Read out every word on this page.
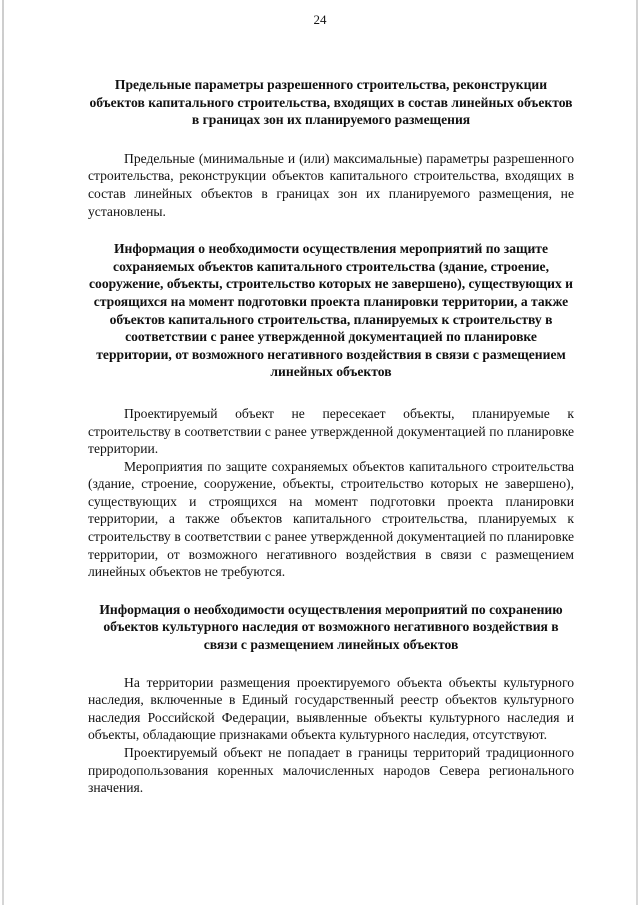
24

Предельные параметры разрешенного строительства, реконструкции объектов капитального строительства, входящих в состав линейных объектов в границах зон их планируемого размещения

Предельные (минимальные и (или) максимальные) параметры разрешенного строительства, реконструкции объектов капитального строительства, входящих в состав линейных объектов в границах зон их планируемого размещения, не установлены.

Информация о необходимости осуществления мероприятий по защите сохраняемых объектов капитального строительства (здание, строение, сооружение, объекты, строительство которых не завершено), существующих и строящихся на момент подготовки проекта планировки территории, а также объектов капитального строительства, планируемых к строительству в соответствии с ранее утвержденной документацией по планировке территории, от возможного негативного воздействия в связи с размещением линейных объектов

Проектируемый объект не пересекает объекты, планируемые к строительству в соответствии с ранее утвержденной документацией по планировке территории.

Мероприятия по защите сохраняемых объектов капитального строительства (здание, строение, сооружение, объекты, строительство которых не завершено), существующих и строящихся на момент подготовки проекта планировки территории, а также объектов капитального строительства, планируемых к строительству в соответствии с ранее утвержденной документацией по планировке территории, от возможного негативного воздействия в связи с размещением линейных объектов не требуются.

Информация о необходимости осуществления мероприятий по сохранению объектов культурного наследия от возможного негативного воздействия в связи с размещением линейных объектов

На территории размещения проектируемого объекта объекты культурного наследия, включенные в Единый государственный реестр объектов культурного наследия Российской Федерации, выявленные объекты культурного наследия и объекты, обладающие признаками объекта культурного наследия, отсутствуют.

Проектируемый объект не попадает в границы территорий традиционного природопользования коренных малочисленных народов Севера регионального значения.
